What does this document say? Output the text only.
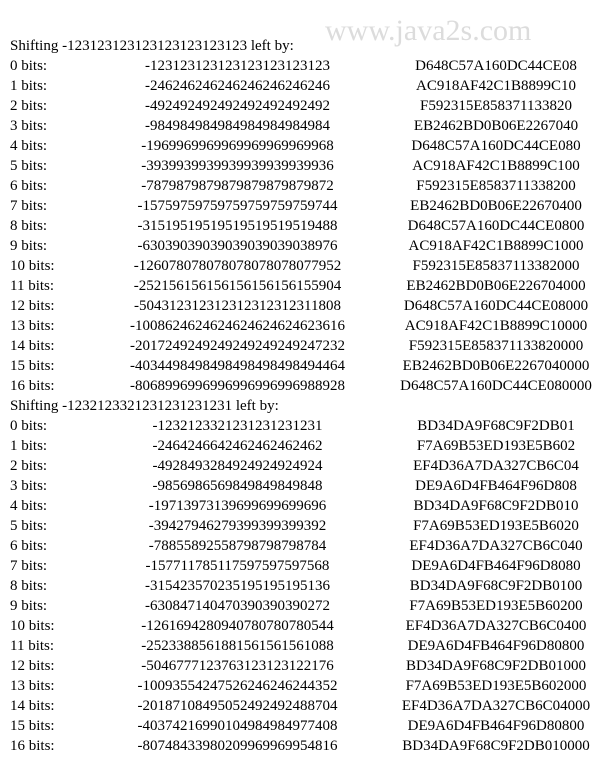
www.java2s.com
Shifting -123123123123123123123123 left by:
0 bits:	-123123123123123123123123	D648C57A160DC44CE08
1 bits:	-246246246246246246246246	AC918AF42C1B8899C10
2 bits:	-492492492492492492492492	F592315E858371133820
3 bits:	-984984984984984984984984	EB2462BD0B06E2267040
4 bits:	-1969969969969969969969968	D648C57A160DC44CE080
5 bits:	-3939939939939939939939936	AC918AF42C1B8899C100
6 bits:	-7879879879879879879879872	F592315E8583711338200
7 bits:	-15759759759759759759759744	EB2462BD0B06E22670400
8 bits:	-31519519519519519519519488	D648C57A160DC44CE0800
9 bits:	-63039039039039039039038976	AC918AF42C1B8899C1000
10 bits:	-126078078078078078078077952	F592315E85837113382000
11 bits:	-252156156156156156156155904	EB2462BD0B06E226704000
12 bits:	-504312312312312312312311808	D648C57A160DC44CE08000
13 bits:	-1008624624624624624624623616	AC918AF42C1B8899C10000
14 bits:	-2017249249249249249249247232	F592315E858371133820000
15 bits:	-4034498498498498498498494464	EB2462BD0B06E2267040000
16 bits:	-8068996996996996996996988928	D648C57A160DC44CE080000
Shifting -1232123321231231231231 left by:
0 bits:	-1232123321231231231231	BD34DA9F68C9F2DB01
1 bits:	-2464246642462462462462	F7A69B53ED193E5B602
2 bits:	-4928493284924924924924	EF4D36A7DA327CB6C04
3 bits:	-9856986569849849849848	DE9A6D4FB464F96D808
4 bits:	-19713973139699699699696	BD34DA9F68C9F2DB010
5 bits:	-39427946279399399399392	F7A69B53ED193E5B6020
6 bits:	-78855892558798798798784	EF4D36A7DA327CB6C040
7 bits:	-157711785117597597597568	DE9A6D4FB464F96D8080
8 bits:	-315423570235195195195136	BD34DA9F68C9F2DB0100
9 bits:	-630847140470390390390272	F7A69B53ED193E5B60200
10 bits:	-1261694280940780780780544	EF4D36A7DA327CB6C0400
11 bits:	-2523388561881561561561088	DE9A6D4FB464F96D80800
12 bits:	-5046777123763123123122176	BD34DA9F68C9F2DB01000
13 bits:	-10093554247526246246244352	F7A69B53ED193E5B602000
14 bits:	-20187108495052492492488704	EF4D36A7DA327CB6C04000
15 bits:	-40374216990104984984977408	DE9A6D4FB464F96D80800
16 bits:	-80748433980209969969954816	BD34DA9F68C9F2DB010000
